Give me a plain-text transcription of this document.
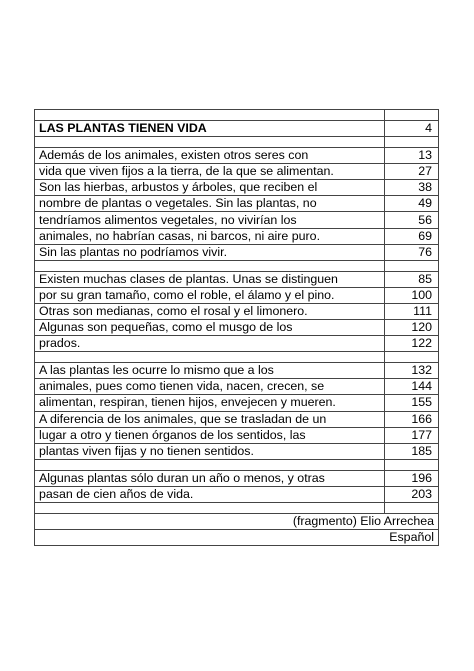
LAS PLANTAS TIENEN VIDA	4

Además de los animales, existen otros seres con	13
vida que viven fijos a la tierra, de la que se alimentan.	27
Son las hierbas, arbustos y árboles, que reciben el	38
nombre de plantas o vegetales. Sin las plantas, no	49
tendríamos alimentos vegetales, no vivirían los	56
animales, no habrían casas, ni barcos, ni aire puro.	69
Sin las plantas no podríamos vivir.	76

Existen muchas clases de plantas. Unas se distinguen	85
por su gran tamaño, como el roble, el álamo y el pino.	100
Otras son medianas, como el rosal y el limonero.	111
Algunas son pequeñas, como el musgo de los	120
prados.	122

A las plantas les ocurre lo mismo que a los	132
animales, pues como tienen vida, nacen, crecen, se	144
alimentan, respiran, tienen hijos, envejecen y mueren.	155
A diferencia de los animales, que se trasladan de un	166
lugar a otro y tienen órganos de los sentidos, las	177
plantas viven fijas y no tienen sentidos.	185

Algunas plantas sólo duran un año o menos, y otras	196
pasan de cien años de vida.	203

(fragmento) Elio Arrechea	
Español	
